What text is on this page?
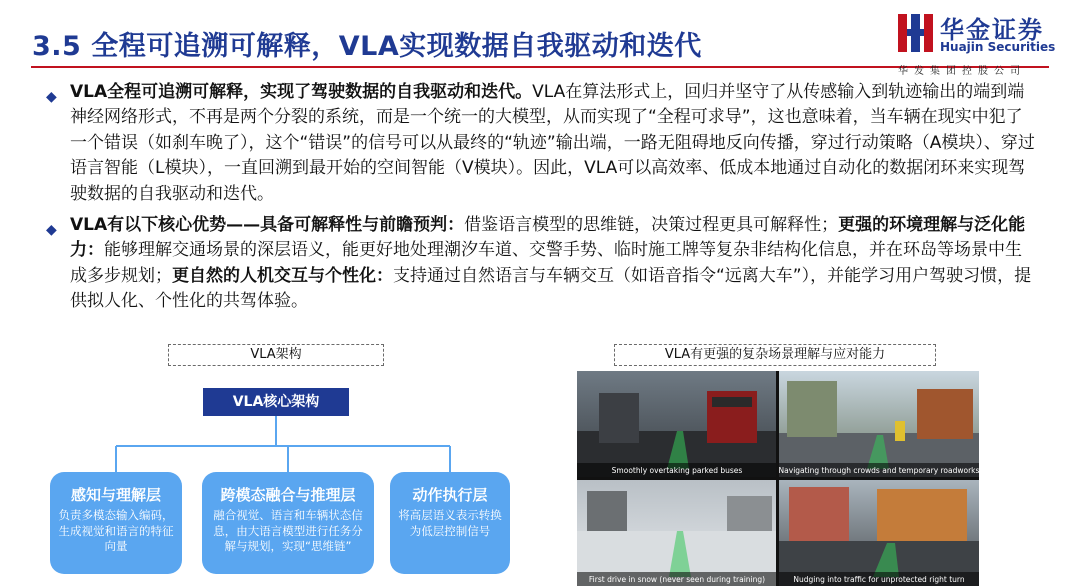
3.5 全程可追溯可解释，VLA实现数据自我驱动和迭代
华金证券
Huajin Securities
华发集团控股公司
◆ VLA全程可追溯可解释，实现了驾驶数据的自我驱动和迭代。VLA在算法形式上，回归并坚守了从传感输入到轨迹输出的端到端神经网络形式，不再是两个分裂的系统，而是一个统一的大模型，从而实现了“全程可求导”，这也意味着，当车辆在现实中犯了一个错误（如刹车晚了），这个“错误”的信号可以从最终的“轨迹”输出端，一路无阻碍地反向传播，穿过行动策略（A模块）、穿过语言智能（L模块），一直回溯到最开始的空间智能（V模块）。因此，VLA可以高效率、低成本地通过自动化的数据闭环来实现驾驶数据的自我驱动和迭代。
◆ VLA有以下核心优势——具备可解释性与前瞻预判：借鉴语言模型的思维链，决策过程更具可解释性；更强的环境理解与泛化能力：能够理解交通场景的深层语义，能更好地处理潮汐车道、交警手势、临时施工牌等复杂非结构化信息，并在环岛等场景中生成多步规划；更自然的人机交互与个性化：支持通过自然语言与车辆交互（如语音指令“远离大车”），并能学习用户驾驶习惯，提供拟人化、个性化的共驾体验。
VLA架构	VLA有更强的复杂场景理解与应对能力
VLA核心架构
感知与理解层
负责多模态输入编码，生成视觉和语言的特征向量
跨模态融合与推理层
融合视觉、语言和车辆状态信息，由大语言模型进行任务分解与规划，实现“思维链”
动作执行层
将高层语义表示转换为低层控制信号
Smoothly overtaking parked buses	Navigating through crowds and temporary roadworks
First drive in snow (never seen during training)	Nudging into traffic for unprotected right turn
